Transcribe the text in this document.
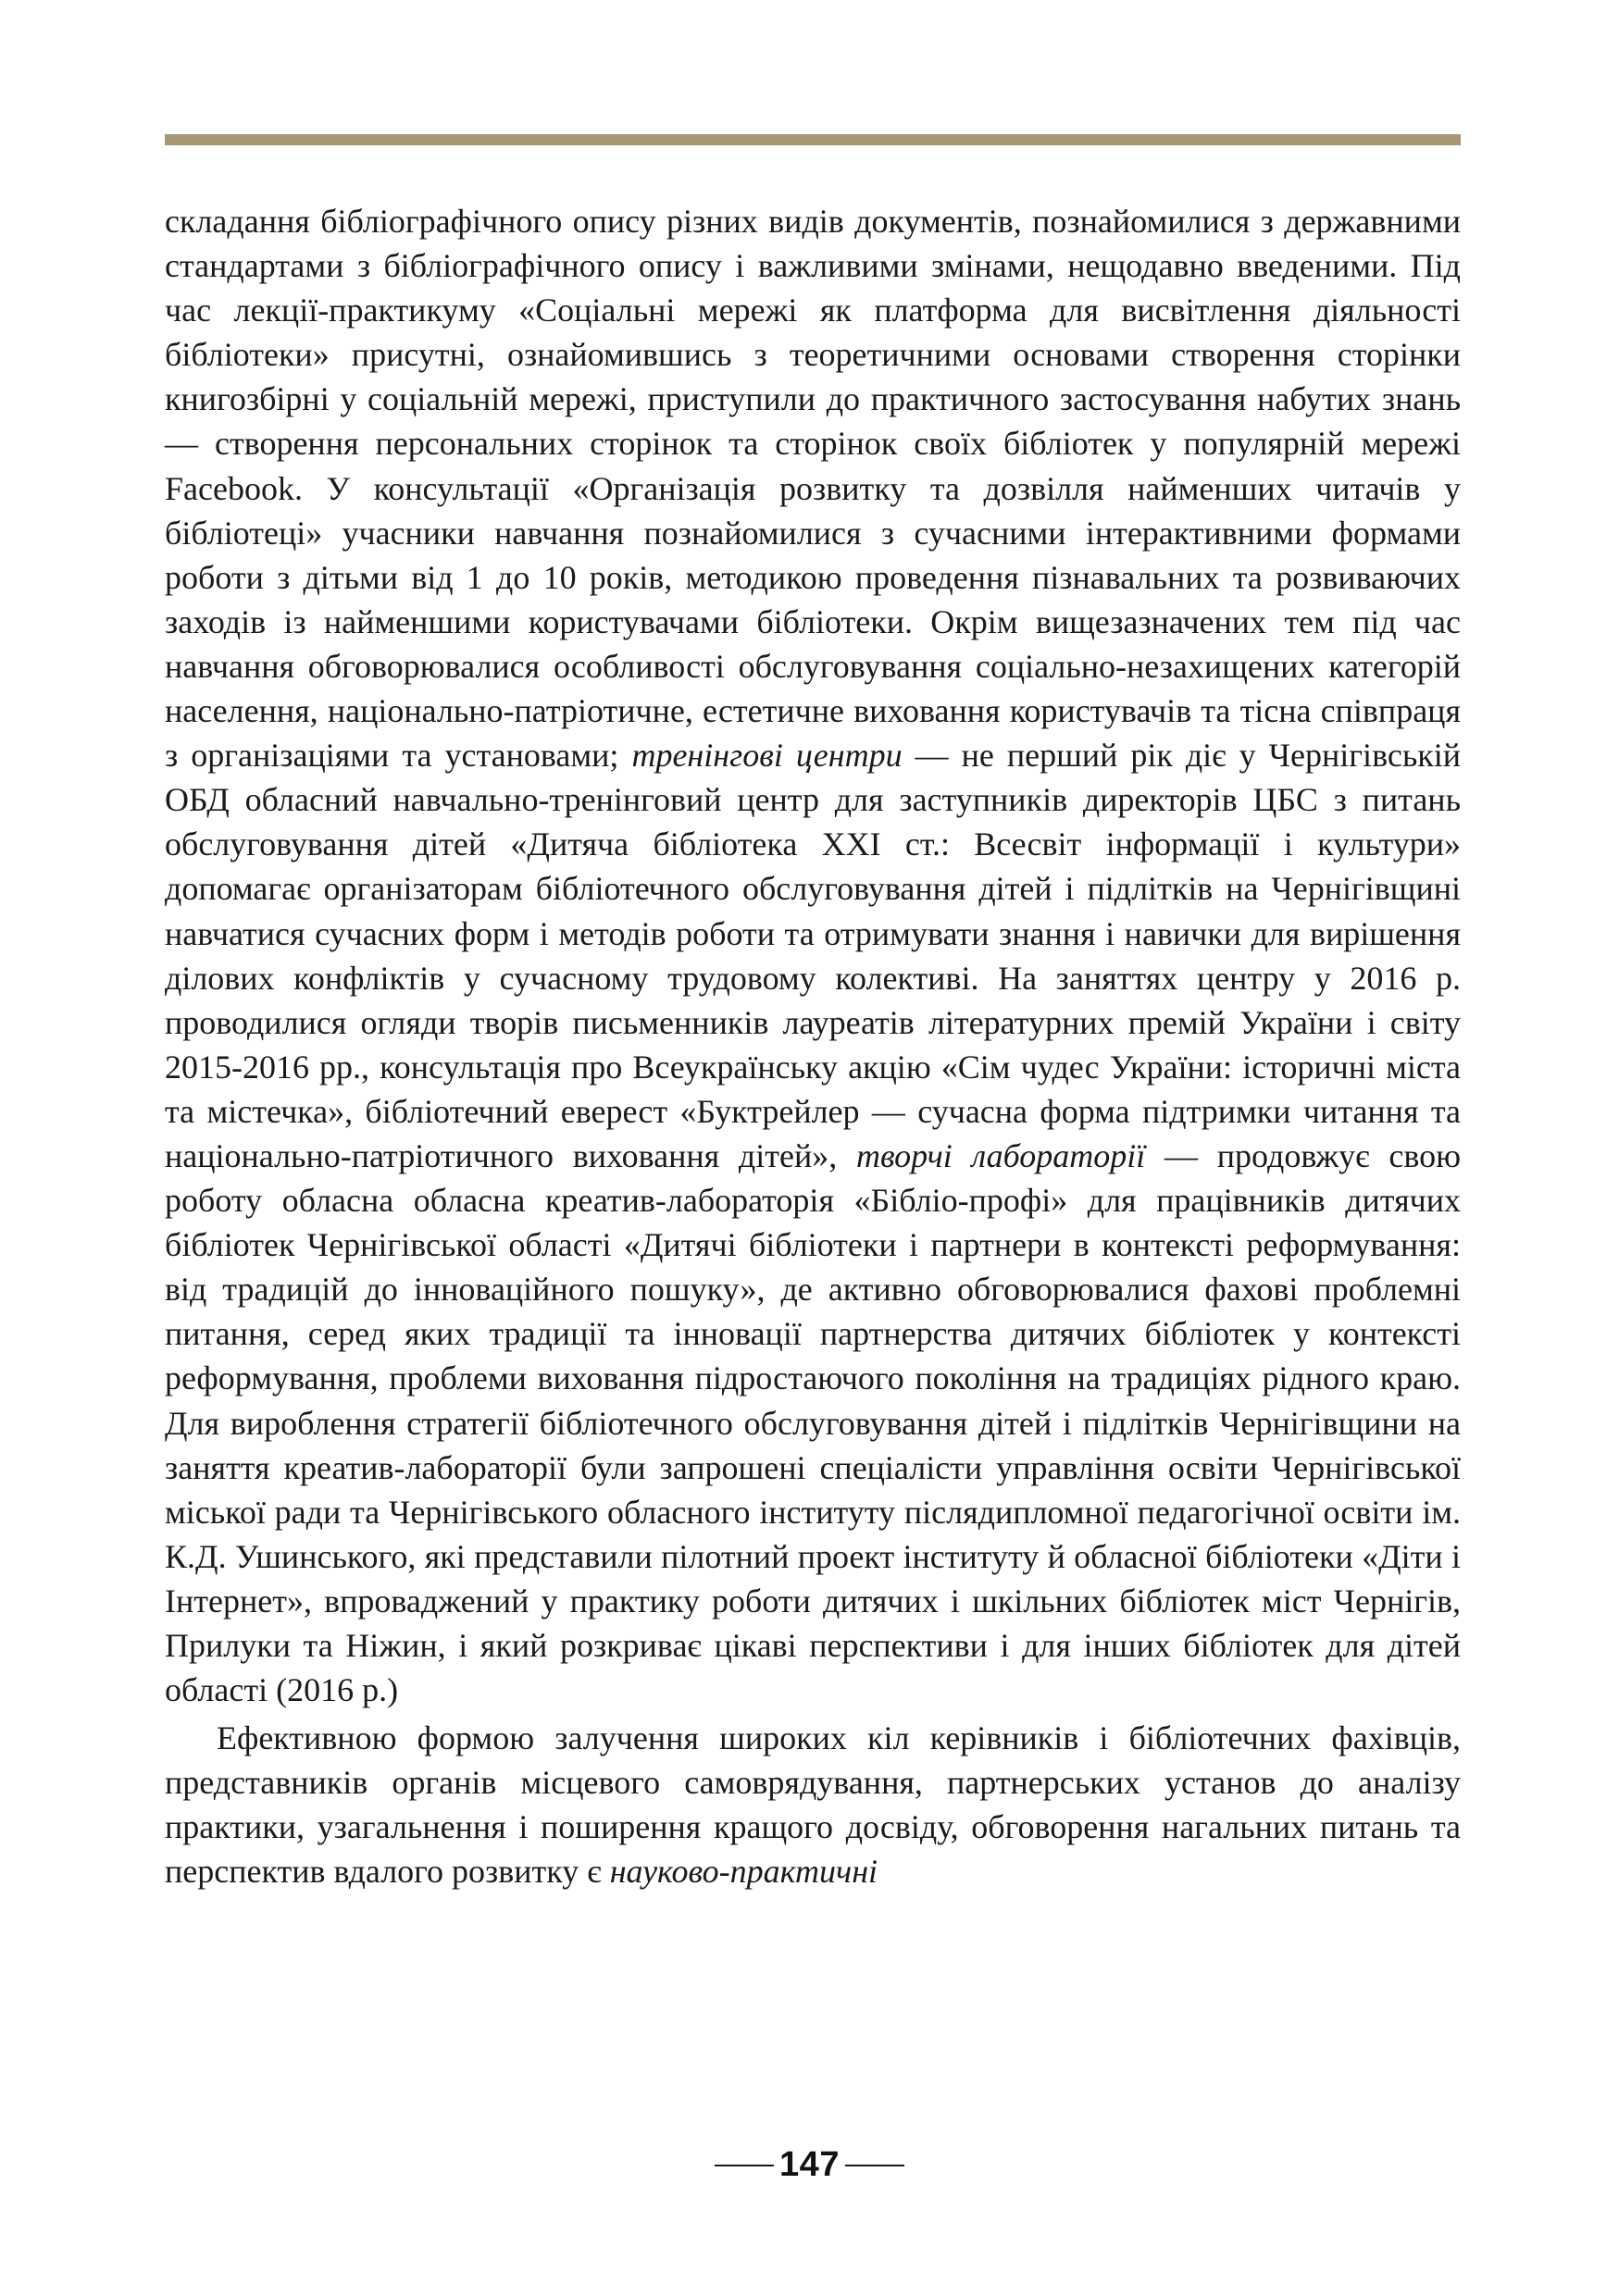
складання бібліографічного опису різних видів документів, познайомилися з державними стандартами з бібліографічного опису і важливими змінами, нещодавно введеними. Під час лекції-практикуму «Соціальні мережі як платформа для висвітлення діяльності бібліотеки» присутні, ознайомившись з теоретичними основами створення сторінки книгозбірні у соціальній мережі, приступили до практичного застосування набутих знань — створення персональних сторінок та сторінок своїх бібліотек у популярній мережі Facebook. У консультації «Організація розвитку та дозвілля найменших читачів у бібліотеці» учасники навчання познайомилися з сучасними інтерактивними формами роботи з дітьми від 1 до 10 років, методикою проведення пізнавальних та розвиваючих заходів із найменшими користувачами бібліотеки. Окрім вищезазначених тем під час навчання обговорювалися особливості обслуговування соціально-незахищених категорій населення, національно-патріотичне, естетичне виховання користувачів та тісна співпраця з організаціями та установами; тренінгові центри — не перший рік діє у Чернігівській ОБД обласний навчально-тренінговий центр для заступників директорів ЦБС з питань обслуговування дітей «Дитяча бібліотека XXI ст.: Всесвіт інформації і культури» допомагає організаторам бібліотечного обслуговування дітей і підлітків на Чернігівщині навчатися сучасних форм і методів роботи та отримувати знання і навички для вирішення ділових конфліктів у сучасному трудовому колективі. На заняттях центру у 2016 р. проводилися огляди творів письменників лауреатів літературних премій України і світу 2015-2016 рр., консультація про Всеукраїнську акцію «Сім чудес України: історичні міста та містечка», бібліотечний еверест «Буктрейлер — сучасна форма підтримки читання та національно-патріотичного виховання дітей», творчі лабораторії — продовжує свою роботу обласна обласна креатив-лабораторія «Бібліо-профі» для працівників дитячих бібліотек Чернігівської області «Дитячі бібліотеки і партнери в контексті реформування: від традицій до інноваційного пошуку», де активно обговорювалися фахові проблемні питання, серед яких традиції та інновації партнерства дитячих бібліотек у контексті реформування, проблеми виховання підростаючого покоління на традиціях рідного краю. Для вироблення стратегії бібліотечного обслуговування дітей і підлітків Чернігівщини на заняття креатив-лабораторії були запрошені спеціалісти управління освіти Чернігівської міської ради та Чернігівського обласного інституту післядипломної педагогічної освіти ім. К.Д. Ушинського, які представили пілотний проект інституту й обласної бібліотеки «Діти і Інтернет», впроваджений у практику роботи дитячих і шкільних бібліотек міст Чернігів, Прилуки та Ніжин, і який розкриває цікаві перспективи і для інших бібліотек для дітей області (2016 р.)

Ефективною формою залучення широких кіл керівників і бібліотечних фахівців, представників органів місцевого самоврядування, партнерських установ до аналізу практики, узагальнення і поширення кращого досвіду, обговорення нагальних питань та перспектив вдалого розвитку є науково-практичні

147
